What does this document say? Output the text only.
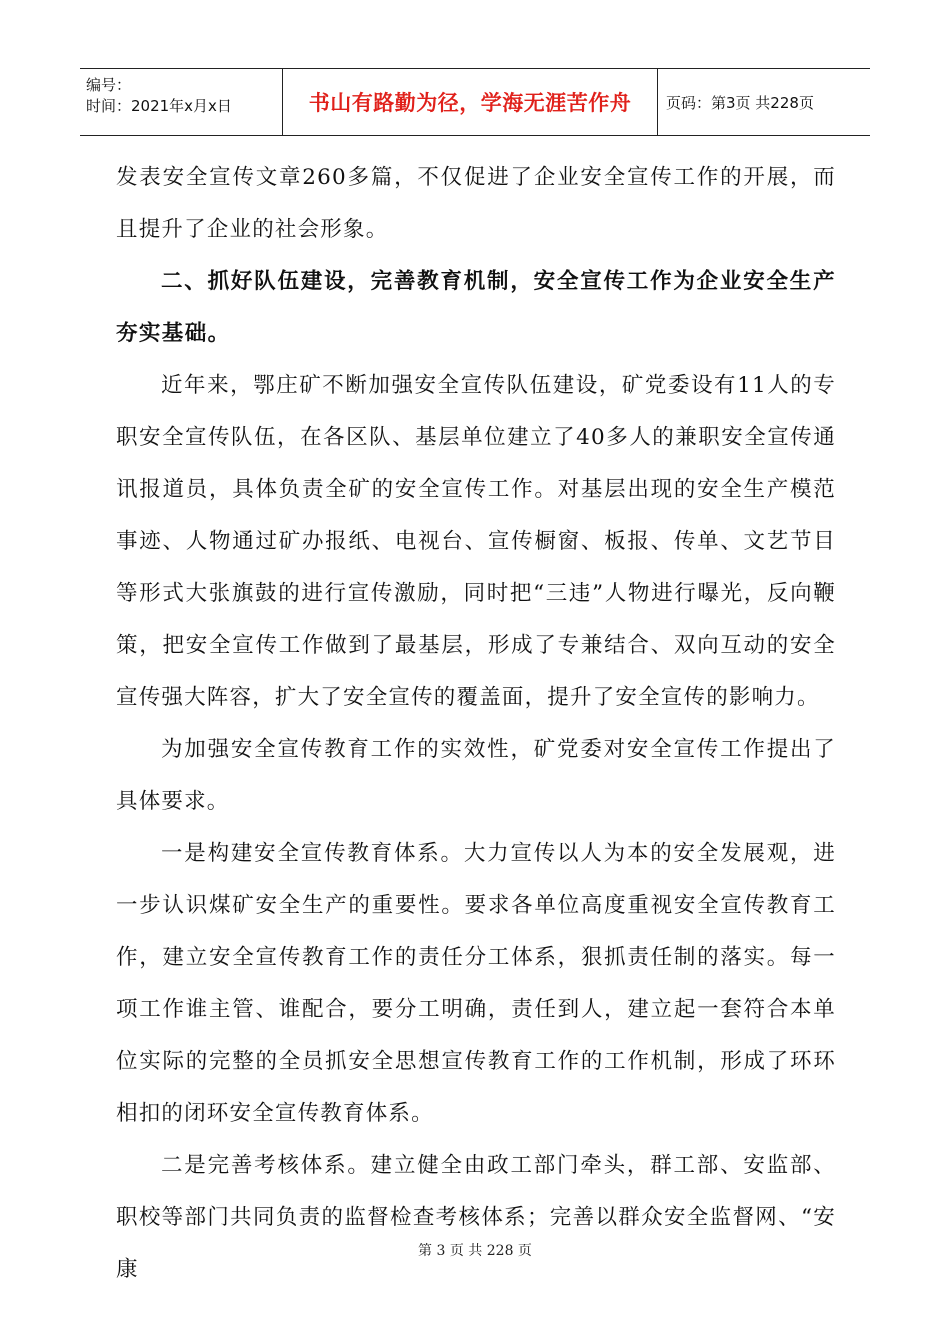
编号：
时间：2021年x月x日	书山有路勤为径，学海无涯苦作舟	页码：第3页 共228页

发表安全宣传文章260多篇，不仅促进了企业安全宣传工作的开展，而且提升了企业的社会形象。

二、抓好队伍建设，完善教育机制，安全宣传工作为企业安全生产夯实基础。

近年来，鄂庄矿不断加强安全宣传队伍建设，矿党委设有11人的专职安全宣传队伍，在各区队、基层单位建立了40多人的兼职安全宣传通讯报道员，具体负责全矿的安全宣传工作。对基层出现的安全生产模范事迹、人物通过矿办报纸、电视台、宣传橱窗、板报、传单、文艺节目等形式大张旗鼓的进行宣传激励，同时把“三违”人物进行曝光，反向鞭策，把安全宣传工作做到了最基层，形成了专兼结合、双向互动的安全宣传强大阵容，扩大了安全宣传的覆盖面，提升了安全宣传的影响力。

为加强安全宣传教育工作的实效性，矿党委对安全宣传工作提出了具体要求。

一是构建安全宣传教育体系。大力宣传以人为本的安全发展观，进一步认识煤矿安全生产的重要性。要求各单位高度重视安全宣传教育工作，建立安全宣传教育工作的责任分工体系，狠抓责任制的落实。每一项工作谁主管、谁配合，要分工明确，责任到人，建立起一套符合本单位实际的完整的全员抓安全思想宣传教育工作的工作机制，形成了环环相扣的闭环安全宣传教育体系。

二是完善考核体系。建立健全由政工部门牵头，群工部、安监部、职校等部门共同负责的监督检查考核体系；完善以群众安全监督网、“安康

第 3 页 共 228 页
